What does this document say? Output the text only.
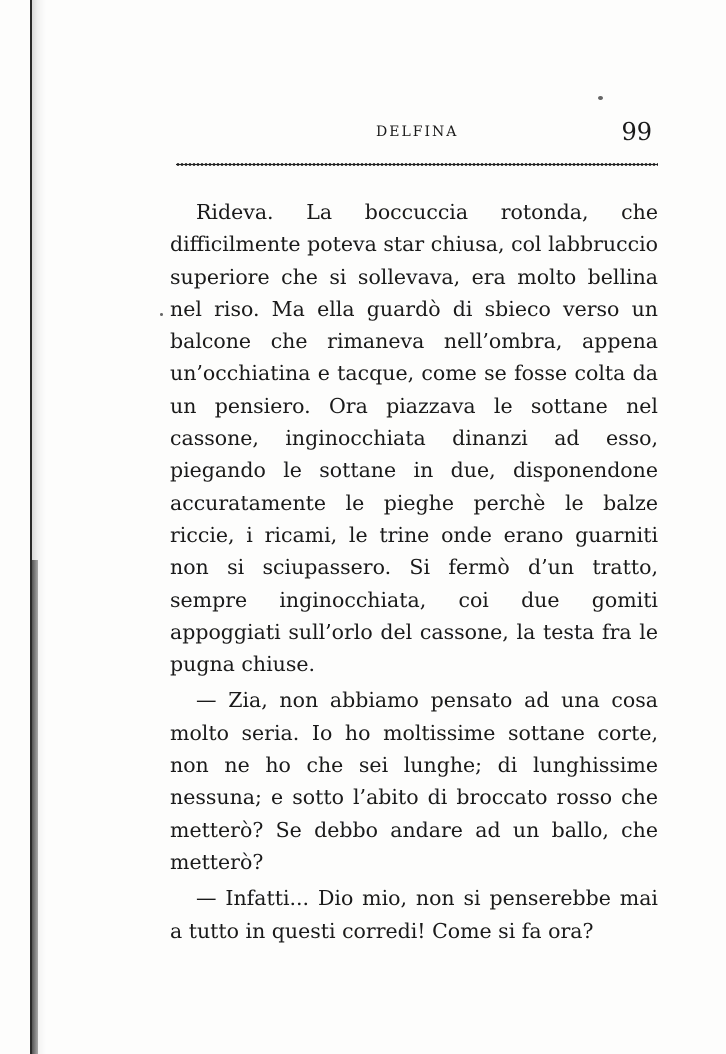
DELFINA	99

Rideva. La boccuccia rotonda, che difficilmente poteva star chiusa, col labbruccio superiore che si sollevava, era molto bellina nel riso. Ma ella guardò di sbieco verso un balcone che rimaneva nell’ombra, appena un’occhiatina e tacque, come se fosse colta da un pensiero. Ora piazzava le sottane nel cassone, inginocchiata dinanzi ad esso, piegando le sottane in due, disponendone accuratamente le pieghe perchè le balze riccie, i ricami, le trine onde erano guarniti non si sciupassero. Si fermò d’un tratto, sempre inginocchiata, coi due gomiti appoggiati sull’orlo del cassone, la testa fra le pugna chiuse.

— Zia, non abbiamo pensato ad una cosa molto seria. Io ho moltissime sottane corte, non ne ho che sei lunghe; di lunghissime nessuna; e sotto l’abito di broccato rosso che metterò? Se debbo andare ad un ballo, che metterò?

— Infatti... Dio mio, non si penserebbe mai a tutto in questi corredi! Come si fa ora?
